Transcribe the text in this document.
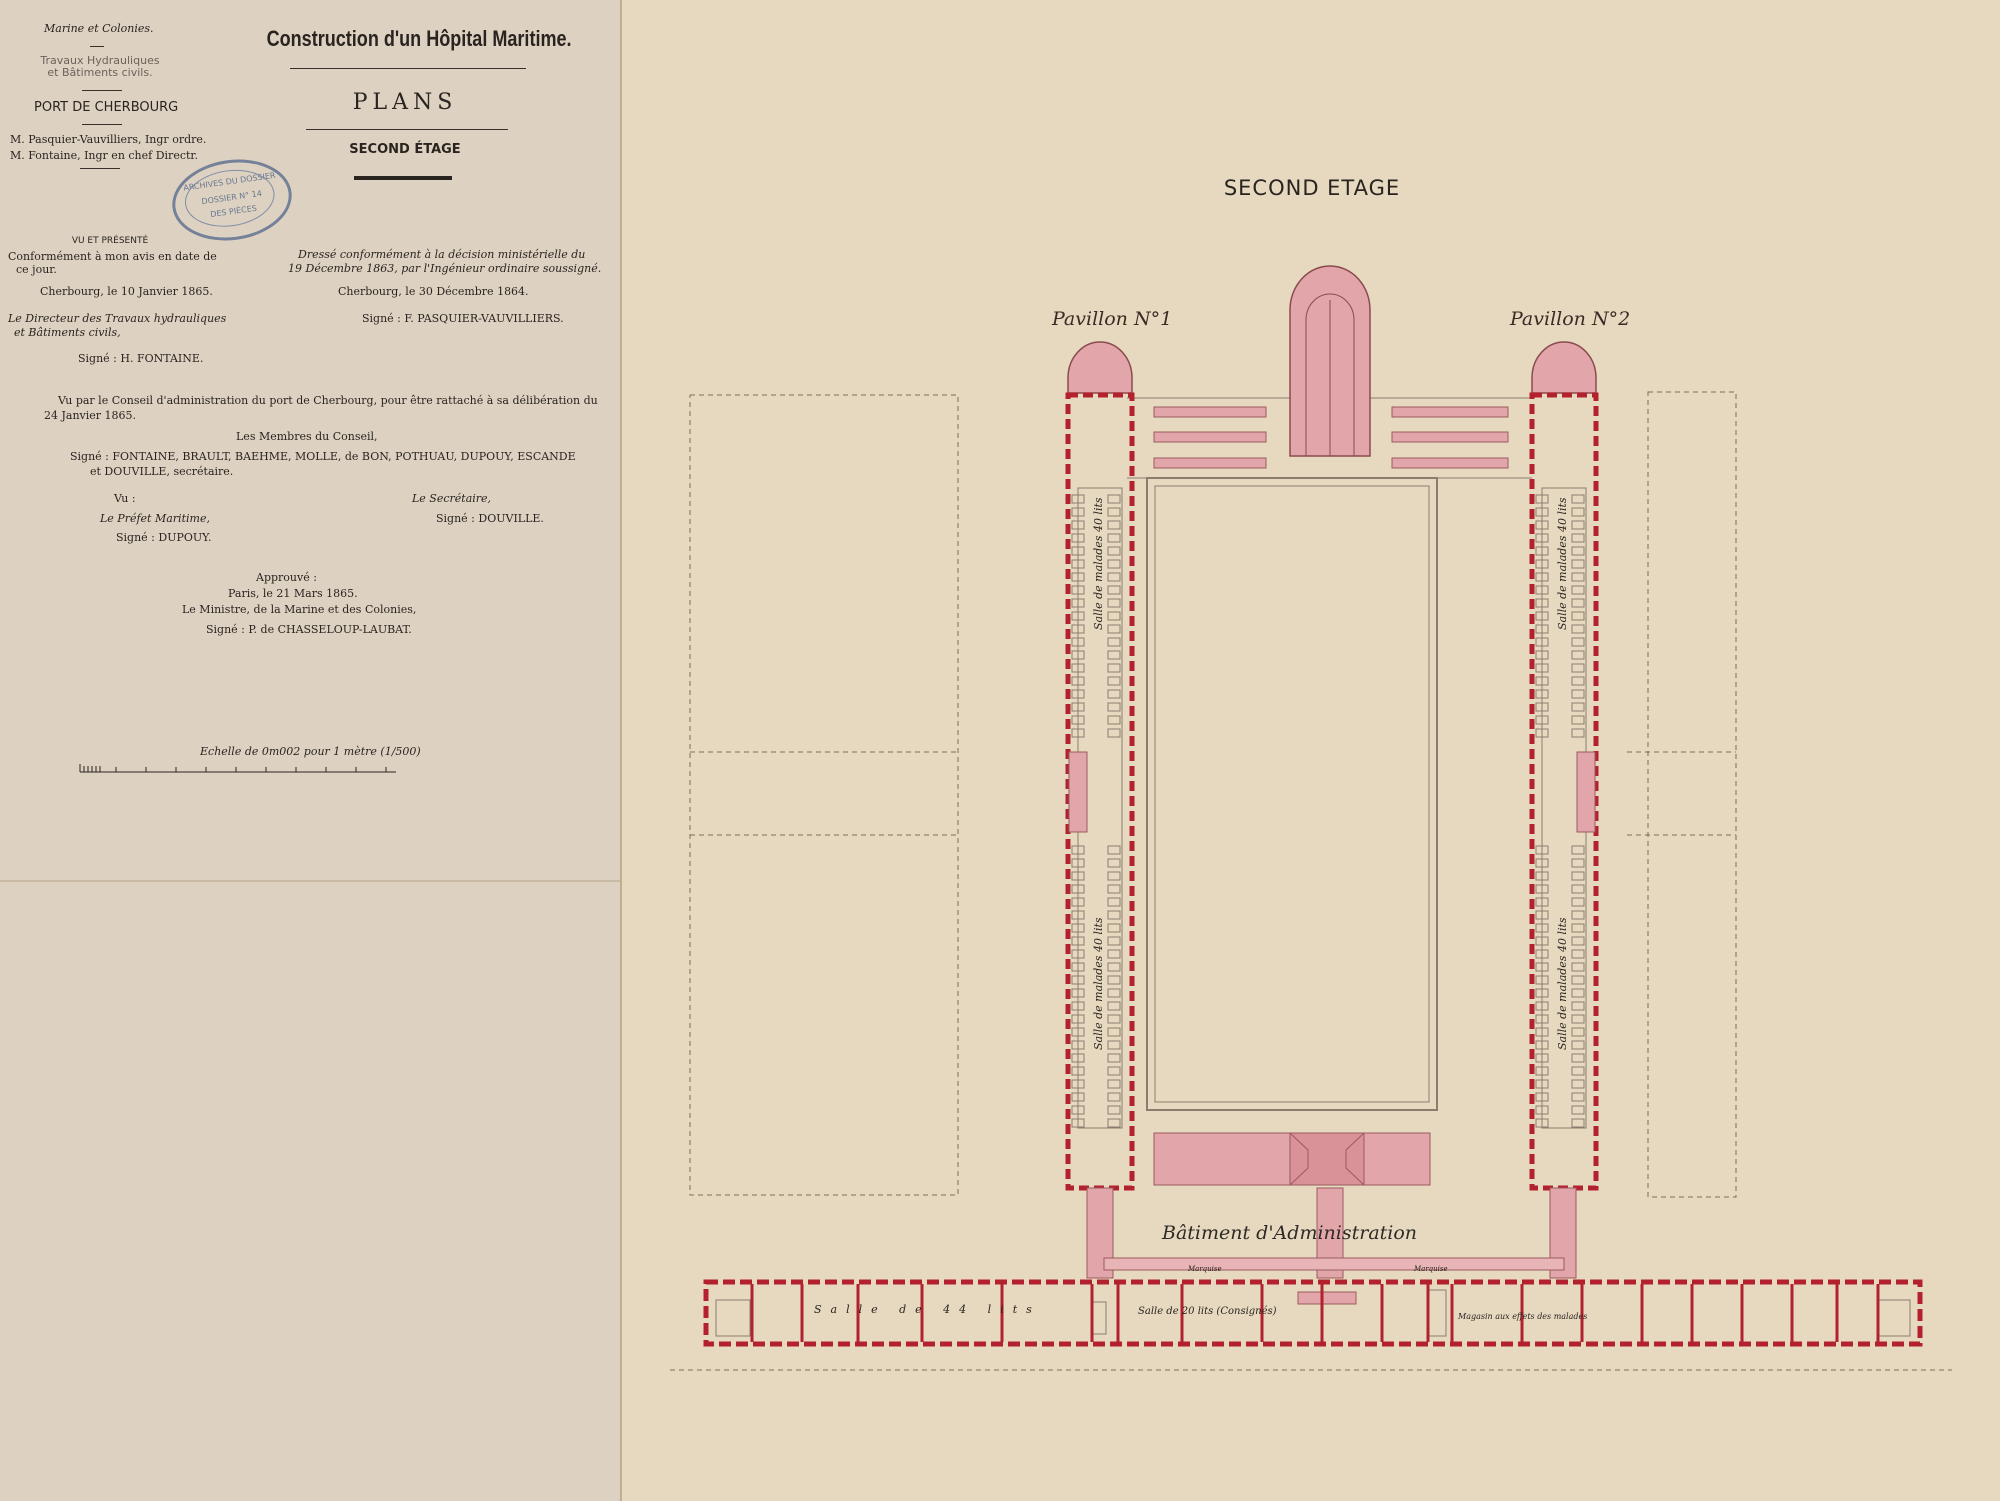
Marine et Colonies.
Travaux Hydrauliques
et Bâtiments civils.
PORT DE CHERBOURG
M. Pasquier-Vauvilliers, Ingr ordre.
M. Fontaine, Ingr en chef Directr.
Construction d'un Hôpital Maritime.
PLANS
SECOND ÉTAGE
ARCHIVES DU DOSSIER
DOSSIER N° 14
DES PIÈCES
VU ET PRÉSENTÉ
Conformément à mon avis en date de
ce jour.
Cherbourg, le 10 Janvier 1865.
Le Directeur des Travaux hydrauliques
et Bâtiments civils,
Signé : H. FONTAINE.
Dressé conformément à la décision ministérielle du
19 Décembre 1863, par l'Ingénieur ordinaire soussigné.
Cherbourg, le 30 Décembre 1864.
Signé : F. PASQUIER-VAUVILLIERS.
Vu par le Conseil d'administration du port de Cherbourg, pour être rattaché à sa délibération du
24 Janvier 1865.
Les Membres du Conseil,
Signé : FONTAINE, BRAULT, BAEHME, MOLLE, de BON, POTHUAU, DUPOUY, ESCANDE
et DOUVILLE, secrétaire.
Vu :
Le Préfet Maritime,
Signé : DUPOUY.
Le Secrétaire,
Signé : DOUVILLE.
Approuvé :
Paris, le 21 Mars 1865.
Le Ministre, de la Marine et des Colonies,
Signé : P. de CHASSELOUP-LAUBAT.
Echelle de 0m002 pour 1 mètre (1/500)
SECOND ETAGE
Pavillon N°1	Pavillon N°2
Bâtiment d'Administration
Salle de 44 lits	Salle de 20 lits (Consignés)	Magasin aux effets des malades
Marquise	Marquise
Salle de malades 40 lits
Salle de malades 40 lits
Salle de malades 40 lits
Salle de malades 40 lits
